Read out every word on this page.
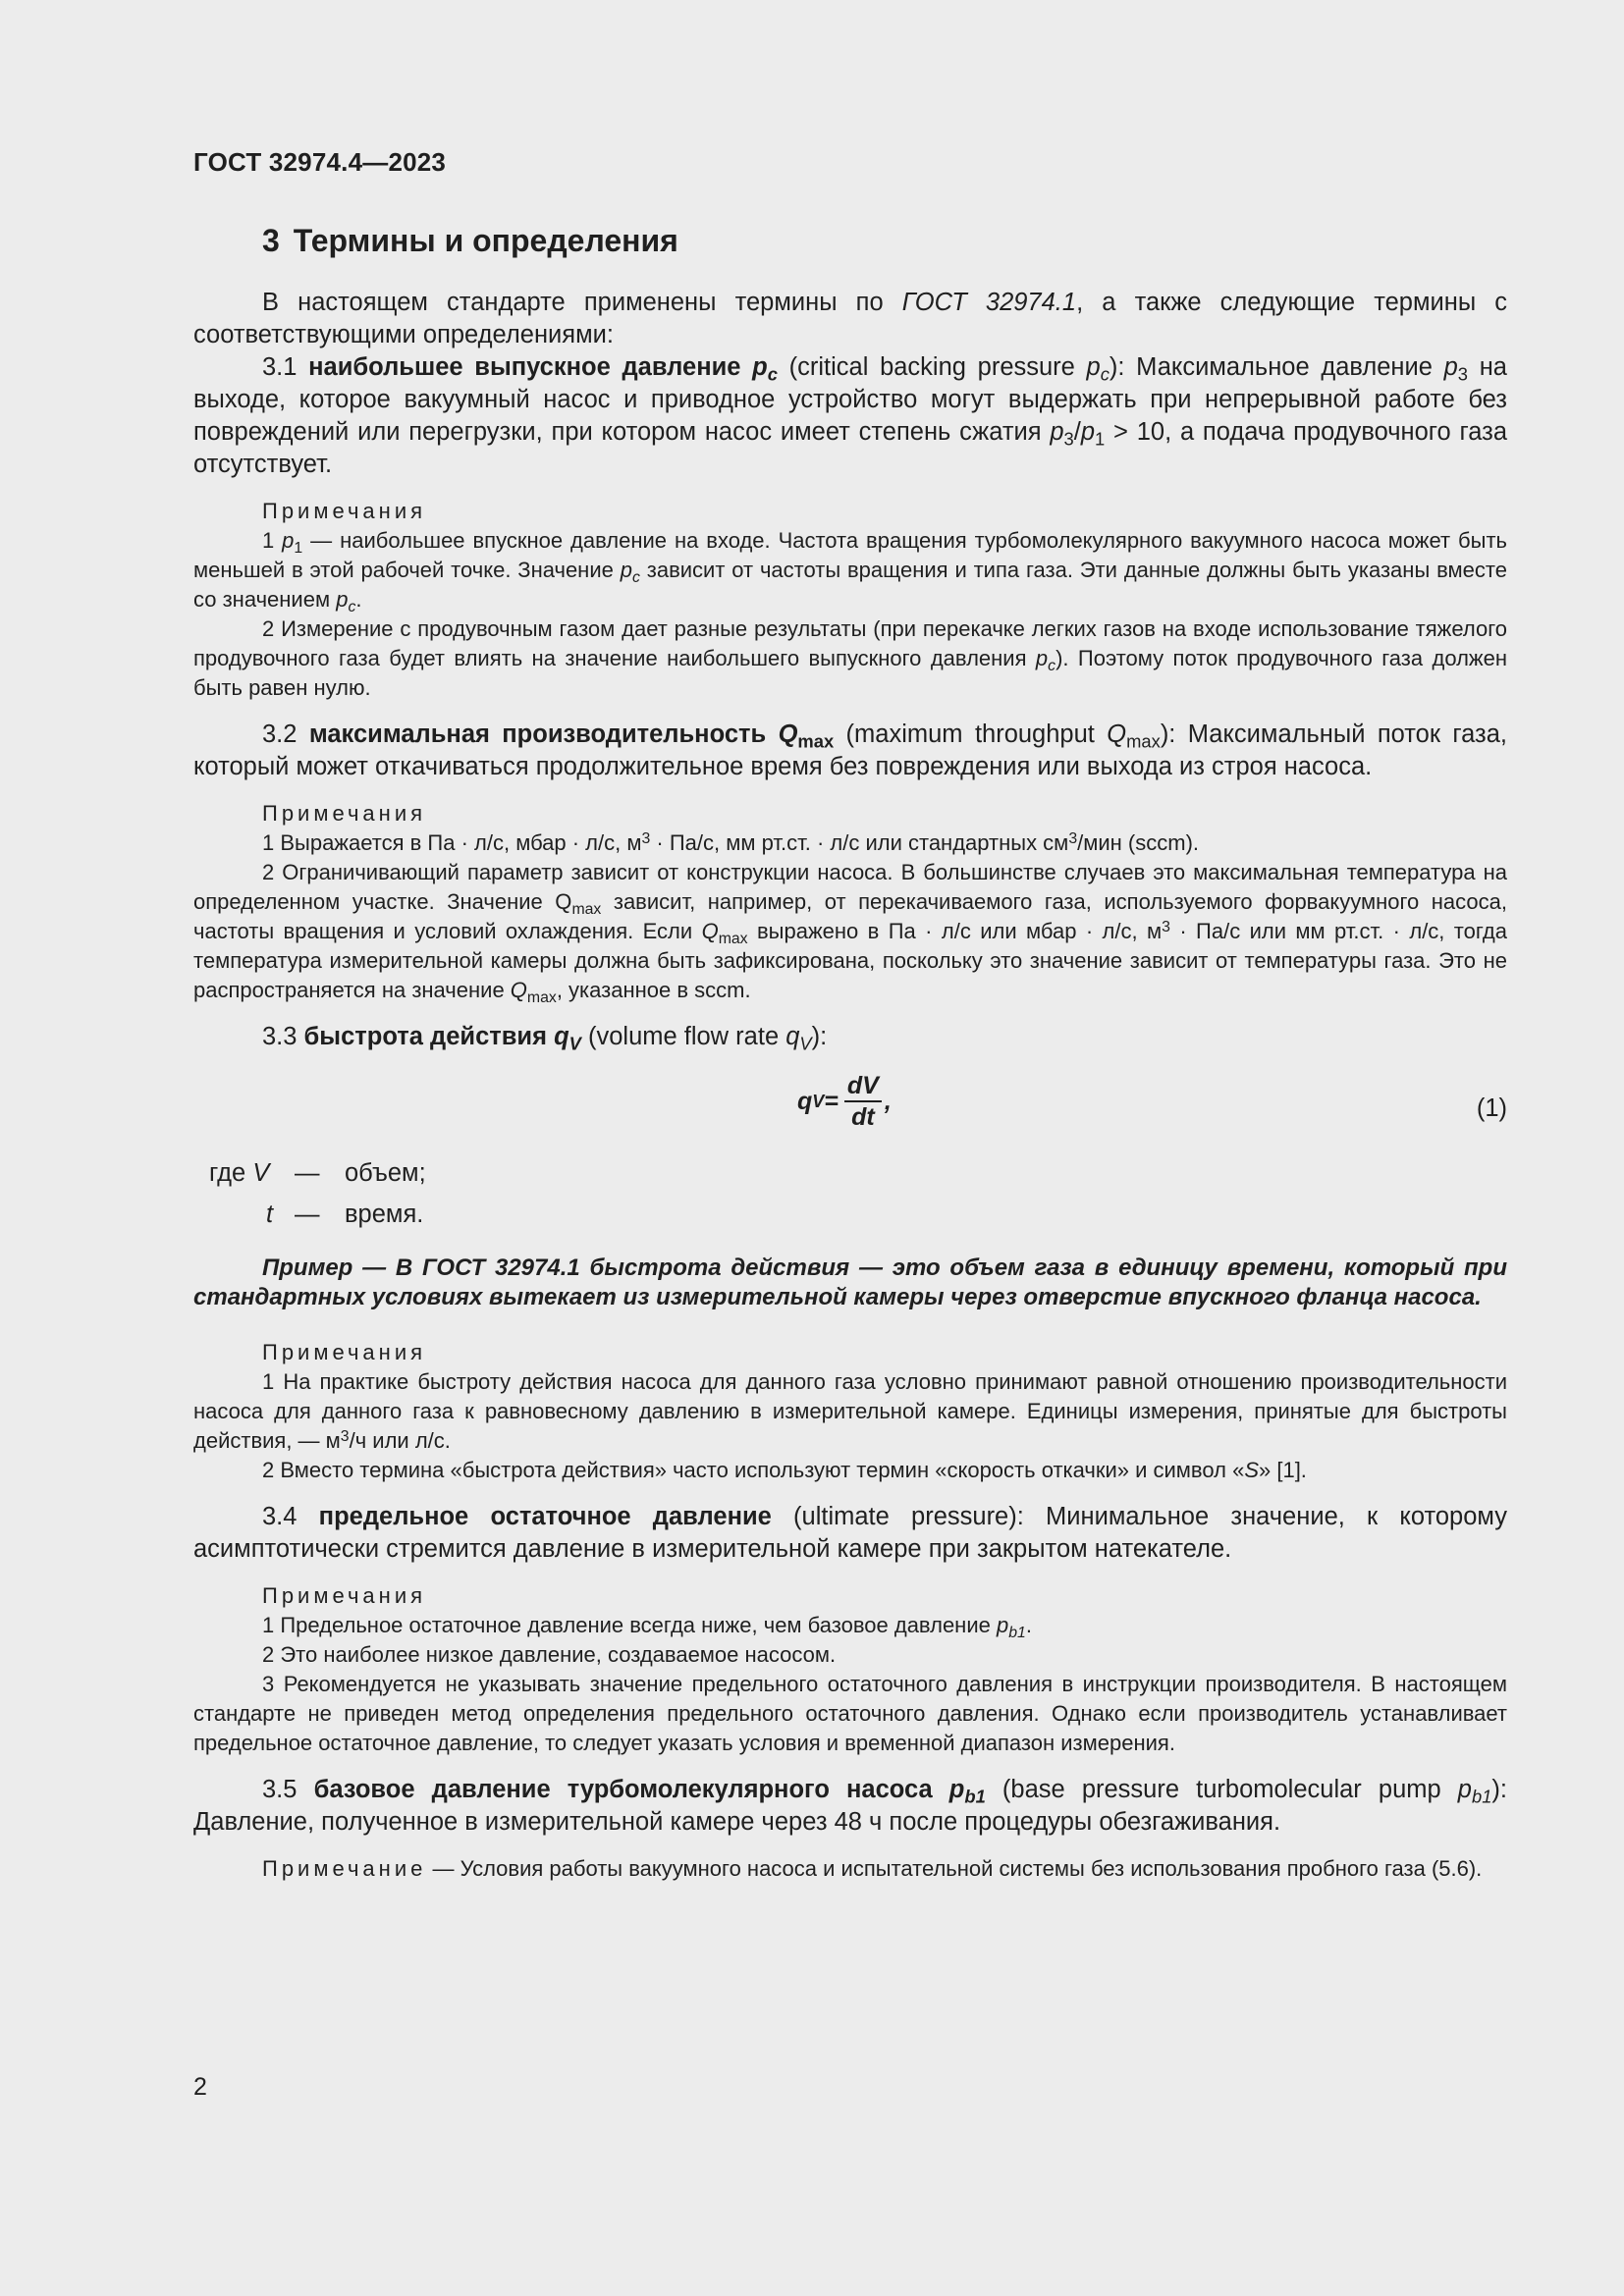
ГОСТ 32974.4—2023
3 Термины и определения

В настоящем стандарте применены термины по ГОСТ 32974.1, а также следующие термины с соответствующими определениями:

3.1 наибольшее выпускное давление $p_c$ (critical backing pressure $p_c$): Максимальное давление $p_3$ на выходе, которое вакуумный насос и приводное устройство могут выдержать при непрерывной работе без повреждений или перегрузки, при котором насос имеет степень сжатия $p_3/p_1 > 10$, а подача продувочного газа отсутствует.

Примечания

1 $p_1$ — наибольшее впускное давление на входе. Частота вращения турбомолекулярного вакуумного насоса может быть меньшей в этой рабочей точке. Значение $p_c$ зависит от частоты вращения и типа газа. Эти данные должны быть указаны вместе со значением $p_c$.

2 Измерение с продувочным газом дает разные результаты (при перекачке легких газов на входе использование тяжелого продувочного газа будет влиять на значение наибольшего выпускного давления $p_c$). Поэтому поток продувочного газа должен быть равен нулю.

3.2 максимальная производительность $Q_{max}$ (maximum throughput $Q_{max}$): Максимальный поток газа, который может откачиваться продолжительное время без повреждения или выхода из строя насоса.

Примечания

1 Выражается в Па · л/с, мбар · л/с, $м^3 \cdot Па/с$, мм рт.ст. · л/с или стандартных $см^3$/мин (sccm).

2 Ограничивающий параметр зависит от конструкции насоса. В большинстве случаев это максимальная температура на определенном участке. Значение $Q_{max}$ зависит, например, от перекачиваемого газа, используемого форвакуумного насоса, частоты вращения и условий охлаждения. Если $Q_{max}$ выражено в Па · л/с или мбар · л/с, $м^3 \cdot Па/с$ или мм рт.ст. · л/с, тогда температура измерительной камеры должна быть зафиксирована, поскольку это значение зависит от температуры газа. Это не распространяется на значение $Q_{max}$, указанное в sccm.

3.3 быстрота действия $q_V$ (volume flow rate $q_V$):

q $V = \frac{dV}{dt}$ ,	(1)
где V — объем;
t — время.

Пример — В ГОСТ 32974.1 быстрота действия — это объем газа в единицу времени, который при стандартных условиях вытекает из измерительной камеры через отверстие впускного фланца насоса.

Примечания

1 На практике быстроту действия насоса для данного газа условно принимают равной отношению производительности насоса для данного газа к равновесному давлению в измерительной камере. Единицы измерения, принятые для быстроты действия, — $м^3/ч$ или л/с.

2 Вместо термина «быстрота действия» часто используют термин «скорость откачки» и символ «S» [1].

3.4 предельное остаточное давление (ultimate pressure): Минимальное значение, к которому асимптотически стремится давление в измерительной камере при закрытом натекателе.

Примечания

1 Предельное остаточное давление всегда ниже, чем базовое давление $p_{b1}$.

2 Это наиболее низкое давление, создаваемое насосом.

3 Рекомендуется не указывать значение предельного остаточного давления в инструкции производителя. В настоящем стандарте не приведен метод определения предельного остаточного давления. Однако если производитель устанавливает предельное остаточное давление, то следует указать условия и временной диапазон измерения.

3.5 базовое давление турбомолекулярного насоса $p_{b1}$ (base pressure turbomolecular pump $p_{b1}$): Давление, полученное в измерительной камере через 48 ч после процедуры обезгаживания.

Примечание — Условия работы вакуумного насоса и испытательной системы без использования пробного газа (5.6).

2
